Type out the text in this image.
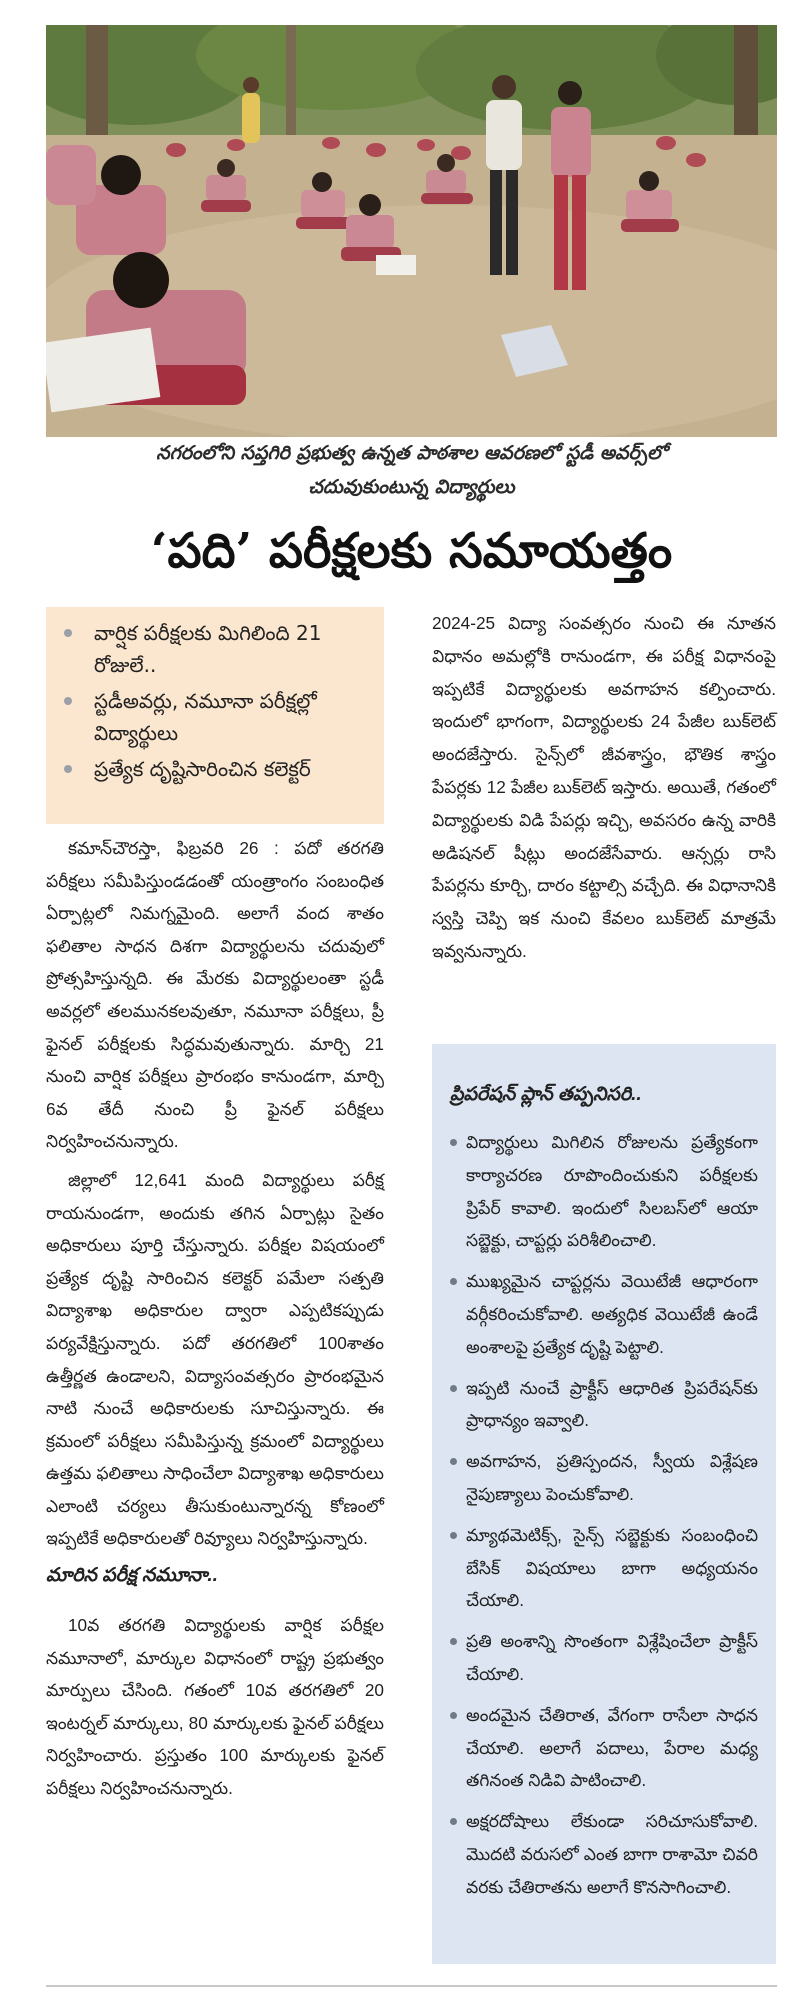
నగరంలోని సప్తగిరి ప్రభుత్వ ఉన్నత పాఠశాల ఆవరణలో స్టడీ అవర్స్‌లో
చదువుకుంటున్న విద్యార్థులు
‘పది’ పరీక్షలకు సమాయత్తం
వార్షిక పరీక్షలకు మిగిలింది 21 రోజులే..
స్టడీఅవర్లు, నమూనా పరీక్షల్లో విద్యార్థులు
ప్రత్యేక దృష్టిసారించిన కలెక్టర్

కమాన్‌చౌరస్తా, ఫిబ్రవరి 26 : పదో తరగతి పరీక్షలు సమీపిస్తుండడంతో యంత్రాంగం సంబంధిత ఏర్పాట్లలో నిమగ్నమైంది. అలాగే వంద శాతం ఫలితాల సాధన దిశగా విద్యార్థులను చదువులో ప్రోత్సహిస్తున్నది. ఈ మేరకు విద్యార్థులంతా స్టడీ అవర్లలో తలమునకలవుతూ, నమూనా పరీక్షలు, ప్రీ ఫైనల్ పరీక్షలకు సిద్ధమవుతున్నారు. మార్చి 21 నుంచి వార్షిక పరీక్షలు ప్రారంభం కానుండగా, మార్చి 6వ తేదీ నుంచి ప్రీ ఫైనల్ పరీక్షలు నిర్వహించనున్నారు.

జిల్లాలో 12,641 మంది విద్యార్థులు పరీక్ష రాయనుండగా, అందుకు తగిన ఏర్పాట్లు సైతం అధికారులు పూర్తి చేస్తున్నారు. పరీక్షల విషయంలో ప్రత్యేక దృష్టి సారించిన కలెక్టర్ పమేలా సత్పతి విద్యాశాఖ అధికారుల ద్వారా ఎప్పటికప్పుడు పర్యవేక్షిస్తున్నారు. పదో తరగతిలో 100శాతం ఉత్తీర్ణత ఉండాలని, విద్యాసంవత్సరం ప్రారంభమైన నాటి నుంచే అధికారులకు సూచిస్తున్నారు. ఈ క్రమంలో పరీక్షలు సమీపిస్తున్న క్రమంలో విద్యార్థులు ఉత్తమ ఫలితాలు సాధించేలా విద్యాశాఖ అధికారులు ఎలాంటి చర్యలు తీసుకుంటున్నారన్న కోణంలో ఇప్పటికే అధికారులతో రివ్యూలు నిర్వహిస్తున్నారు.

మారిన పరీక్ష నమూనా..

10వ తరగతి విద్యార్థులకు వార్షిక పరీక్షల నమూనాలో, మార్కుల విధానంలో రాష్ట్ర ప్రభుత్వం మార్పులు చేసింది. గతంలో 10వ తరగతిలో 20 ఇంటర్నల్ మార్కులు, 80 మార్కులకు ఫైనల్ పరీక్షలు నిర్వహించారు. ప్రస్తుతం 100 మార్కులకు ఫైనల్ పరీక్షలు నిర్వహించనున్నారు.

2024-25 విద్యా సంవత్సరం నుంచి ఈ నూతన విధానం అమల్లోకి రానుండగా, ఈ పరీక్ష విధానంపై ఇప్పటికే విద్యార్థులకు అవగాహన కల్పించారు. ఇందులో భాగంగా, విద్యార్థులకు 24 పేజీల బుక్‌లెట్ అందజేస్తారు. సైన్స్‌లో జీవశాస్త్రం, భౌతిక శాస్త్రం పేపర్లకు 12 పేజీల బుక్‌లెట్ ఇస్తారు. అయితే, గతంలో విద్యార్థులకు విడి పేపర్లు ఇచ్చి, అవసరం ఉన్న వారికి అడిషనల్ షీట్లు అందజేసేవారు. ఆన్సర్లు రాసి పేపర్లను కూర్చి, దారం కట్టాల్సి వచ్చేది. ఈ విధానానికి స్వస్తి చెప్పి ఇక నుంచి కేవలం బుక్‌లెట్ మాత్రమే ఇవ్వనున్నారు.

ప్రిపరేషన్ ప్లాన్ తప్పనిసరి..
విద్యార్థులు మిగిలిన రోజులను ప్రత్యేకంగా కార్యాచరణ రూపొందించుకుని పరీక్షలకు ప్రిపేర్ కావాలి. ఇందులో సిలబస్‌లో ఆయా సబ్జెక్టు, చాప్టర్లు పరిశీలించాలి.
ముఖ్యమైన చాప్టర్లను వెయిటేజీ ఆధారంగా వర్గీకరించుకోవాలి. అత్యధిక వెయిటేజీ ఉండే అంశాలపై ప్రత్యేక దృష్టి పెట్టాలి.
ఇప్పటి నుంచే ప్రాక్టీస్ ఆధారిత ప్రిపరేషన్‌కు ప్రాధాన్యం ఇవ్వాలి.
అవగాహన, ప్రతిస్పందన, స్వీయ విశ్లేషణ నైపుణ్యాలు పెంచుకోవాలి.
మ్యాథమెటిక్స్, సైన్స్ సబ్జెక్టుకు సంబంధించి బేసిక్ విషయాలు బాగా అధ్యయనం చేయాలి.
ప్రతి అంశాన్ని సొంతంగా విశ్లేషించేలా ప్రాక్టీస్ చేయాలి.
అందమైన చేతిరాత, వేగంగా రాసేలా సాధన చేయాలి. అలాగే పదాలు, పేరాల మధ్య తగినంత నిడివి పాటించాలి.
అక్షరదోషాలు లేకుండా సరిచూసుకోవాలి. మొదటి వరుసలో ఎంత బాగా రాశామో చివరి వరకు చేతిరాతను అలాగే కొనసాగించాలి.
